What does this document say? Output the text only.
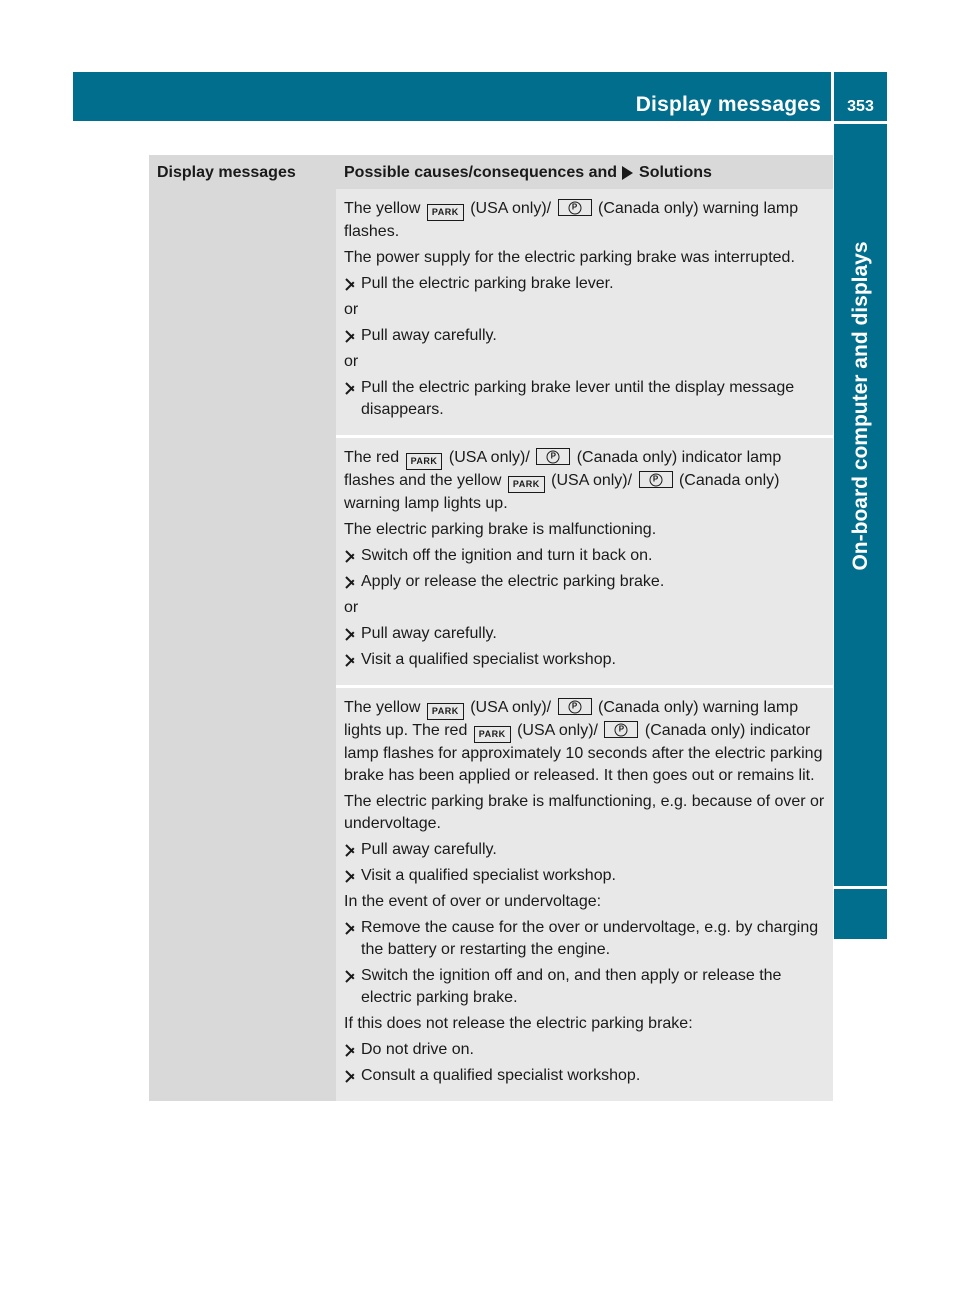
Display messages	353
On-board computer and displays
Display messages	Possible causes/consequences and Solutions
The yellow PARK (USA only)/	P (Canada only) warning lamp flashes.
The power supply for the electric parking brake was interrupted.
Pull the electric parking brake lever.
or
Pull away carefully.
or
Pull the electric parking brake lever until the display message disappears.
The red PARK (USA only)/	P (Canada only) indicator lamp flashes and the yellow PARK (USA only)/	P (Canada only) warning lamp lights up.
The electric parking brake is malfunctioning.
Switch off the ignition and turn it back on.
Apply or release the electric parking brake.
or
Pull away carefully.
Visit a qualified specialist workshop.
The yellow PARK (USA only)/	P (Canada only) warning lamp lights up. The red PARK (USA only)/	P (Canada only) indicator lamp flashes for approximately 10 seconds after the electric parking brake has been applied or released. It then goes out or remains lit.
The electric parking brake is malfunctioning, e.g. because of over or undervoltage.
Pull away carefully.
Visit a qualified specialist workshop.
In the event of over or undervoltage:
Remove the cause for the over or undervoltage, e.g. by charging the battery or restarting the engine.
Switch the ignition off and on, and then apply or release the electric parking brake.
If this does not release the electric parking brake:
Do not drive on.
Consult a qualified specialist workshop.
